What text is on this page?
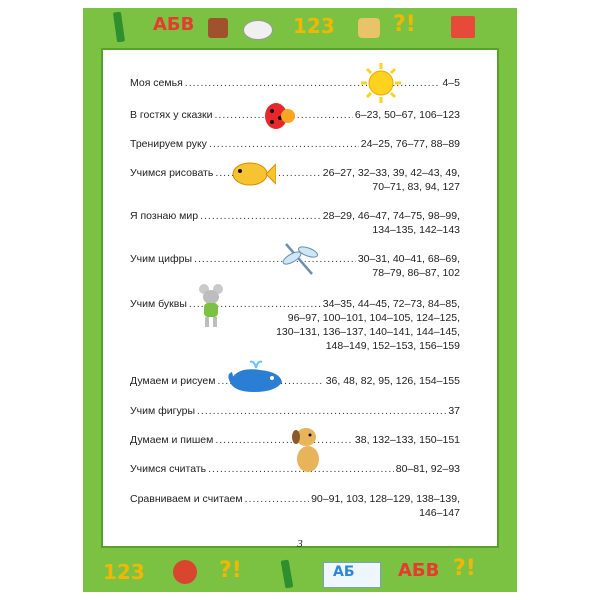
АБВ	123	?!
Моя семья .....	4–5
В гостях у сказки .....	6–23, 50–67, 106–123
Тренируем руку .....	24–25, 76–77, 88–89
Учимся рисовать .....	26–27, 32–33, 39, 42–43, 49,
70–71, 83, 94, 127
Я познаю мир .....	28–29, 46–47, 74–75, 98–99,
134–135, 142–143
Учим цифры .....	30–31, 40–41, 68–69,
78–79, 86–87, 102
Учим буквы .....	34–35, 44–45, 72–73, 84–85,
96–97, 100–101, 104–105, 124–125,
130–131, 136–137, 140–141, 144–145,
148–149, 152–153, 156–159
Думаем и рисуем .....	36, 48, 82, 95, 126, 154–155
Учим фигуры .....	37
Думаем и пишем .....	38, 132–133, 150–151
Учимся считать .....	80–81, 92–93
Сравниваем и считаем .....	90–91, 103, 128–129, 138–139,
146–147
3
123	?!	АБ АБВ ?!
